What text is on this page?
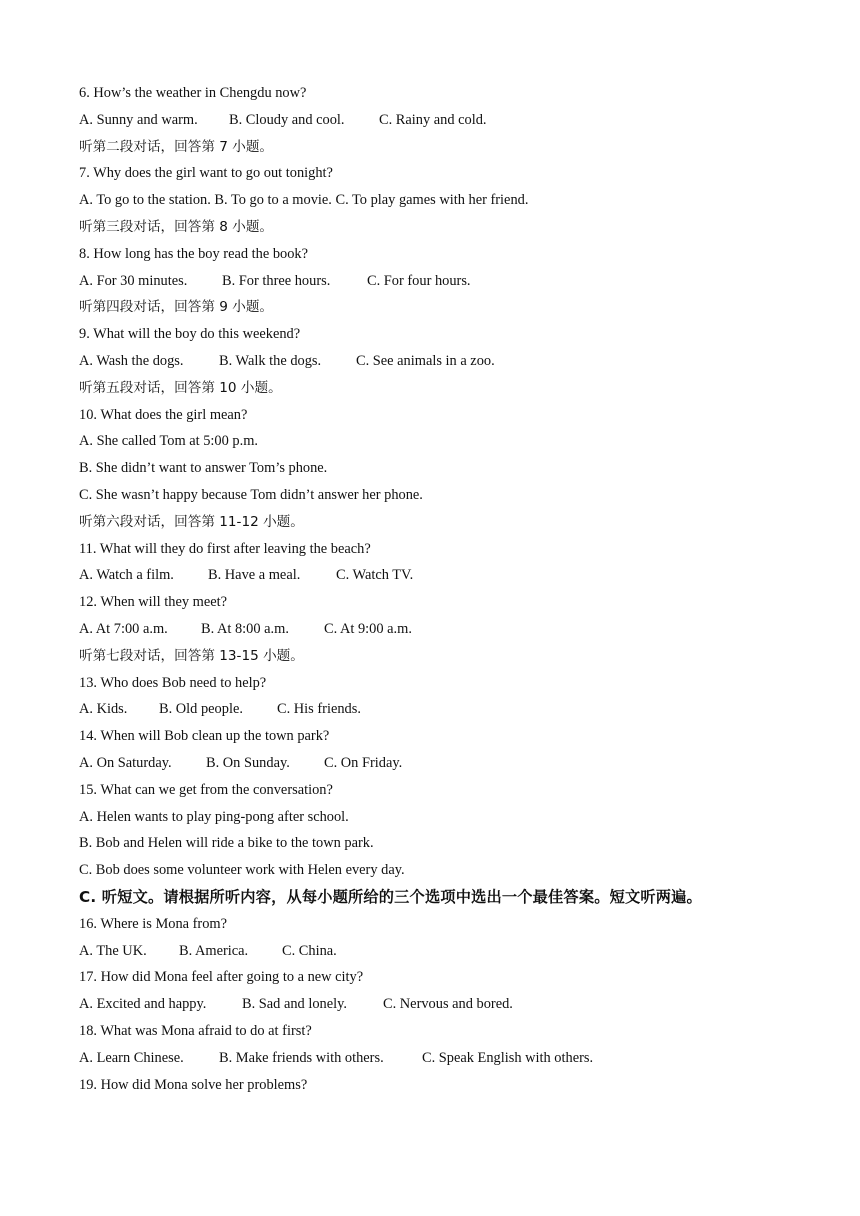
6. How’s the weather in Chengdu now?
A. Sunny and warm. B. Cloudy and cool. C. Rainy and cold.
听第二段对话，回答第 7 小题。
7. Why does the girl want to go out tonight?
A. To go to the station. B. To go to a movie. C. To play games with her friend.
听第三段对话，回答第 8 小题。
8. How long has the boy read the book?
A. For 30 minutes. B. For three hours.	C. For four hours.
听第四段对话，回答第 9 小题。
9. What will the boy do this weekend?
A. Wash the dogs. B. Walk the dogs. C. See animals in a zoo.
听第五段对话，回答第 10 小题。
10. What does the girl mean?
A. She called Tom at 5:00 p.m.
B. She didn’t want to answer Tom’s phone.
C. She wasn’t happy because Tom didn’t answer her phone.
听第六段对话，回答第 11-12 小题。
11. What will they do first after leaving the beach?
A. Watch a film. B. Have a meal. C. Watch TV.
12. When will they meet?
A. At 7:00 a.m. B. At 8:00 a.m. C. At 9:00 a.m.
听第七段对话，回答第 13-15 小题。
13. Who does Bob need to help?
A. Kids. B. Old people. C. His friends.
14. When will Bob clean up the town park?
A. On Saturday. B. On Sunday. C. On Friday.
15. What can we get from the conversation?
A. Helen wants to play ping-pong after school.
B. Bob and Helen will ride a bike to the town park.
C. Bob does some volunteer work with Helen every day.
C. 听短文。请根据所听内容，从每小题所给的三个选项中选出一个最佳答案。短文听两遍。
16. Where is Mona from?
A. The UK. B. America. C. China.
17. How did Mona feel after going to a new city?
A. Excited and happy. B. Sad and lonely.	C. Nervous and bored.
18. What was Mona afraid to do at first?
A. Learn Chinese. B. Make friends with others.	C. Speak English with others.
19. How did Mona solve her problems?
